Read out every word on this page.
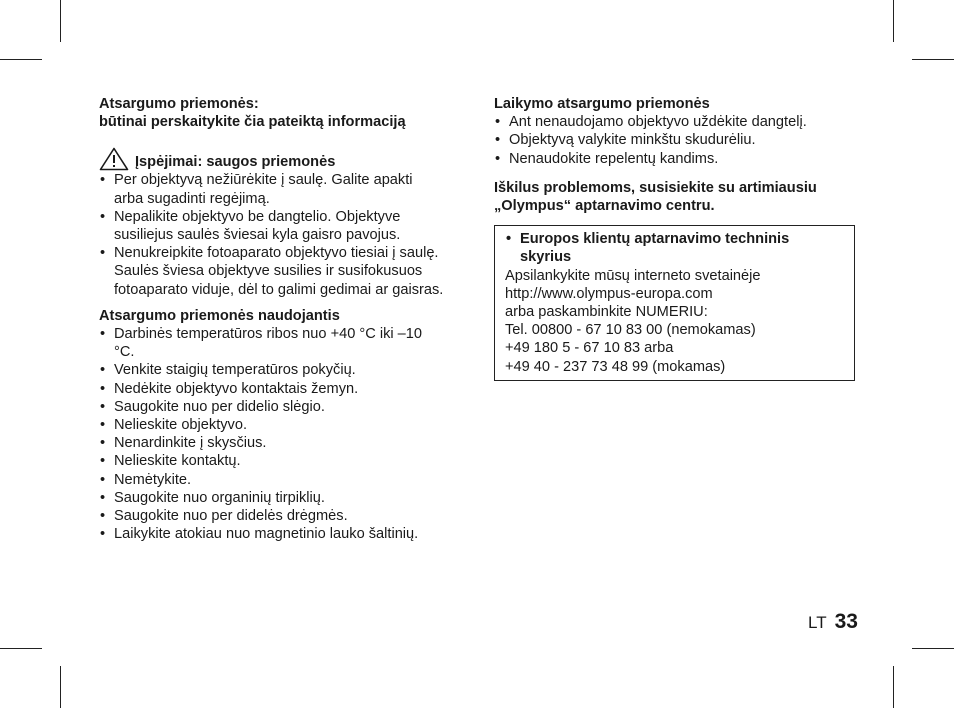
Atsargumo priemonės:

būtinai perskaitykite čia pateiktą informaciją

Įspėjimai: saugos priemonės
• Per objektyvą nežiūrėkite į saulę. Galite apakti arba sugadinti regėjimą.
• Nepalikite objektyvo be dangtelio. Objektyve susiliejus saulės šviesai kyla gaisro pavojus.
• Nenukreipkite fotoaparato objektyvo tiesiai į saulę. Saulės šviesa objektyve susilies ir susifokusuos fotoaparato viduje, dėl to galimi gedimai ar gaisras.

Atsargumo priemonės naudojantis

• Darbinės temperatūros ribos nuo +40 °C iki –10 °C.
• Venkite staigių temperatūros pokyčių.
• Nedėkite objektyvo kontaktais žemyn.
• Saugokite nuo per didelio slėgio.
• Nelieskite objektyvo.
• Nenardinkite į skysčius.
• Nelieskite kontaktų.
• Nemėtykite.
• Saugokite nuo organinių tirpiklių.
• Saugokite nuo per didelės drėgmės.
• Laikykite atokiau nuo magnetinio lauko šaltinių.

Laikymo atsargumo priemonės

• Ant nenaudojamo objektyvo uždėkite dangtelį.
• Objektyvą valykite minkštu skudurėliu.
• Nenaudokite repelentų kandims.

Iškilus problemoms, susisiekite su artimiausiu
„Olympus“ aptarnavimo centru.

• Europos klientų aptarnavimo techninis skyrius

Apsilankykite mūsų interneto svetainėje

http://www.olympus-europa.com

arba paskambinkite NUMERIU:

Tel. 00800 - 67 10 83 00 (nemokamas)

+49 180 5 - 67 10 83 arba

+49 40 - 237 73 48 99 (mokamas)

LT 33
